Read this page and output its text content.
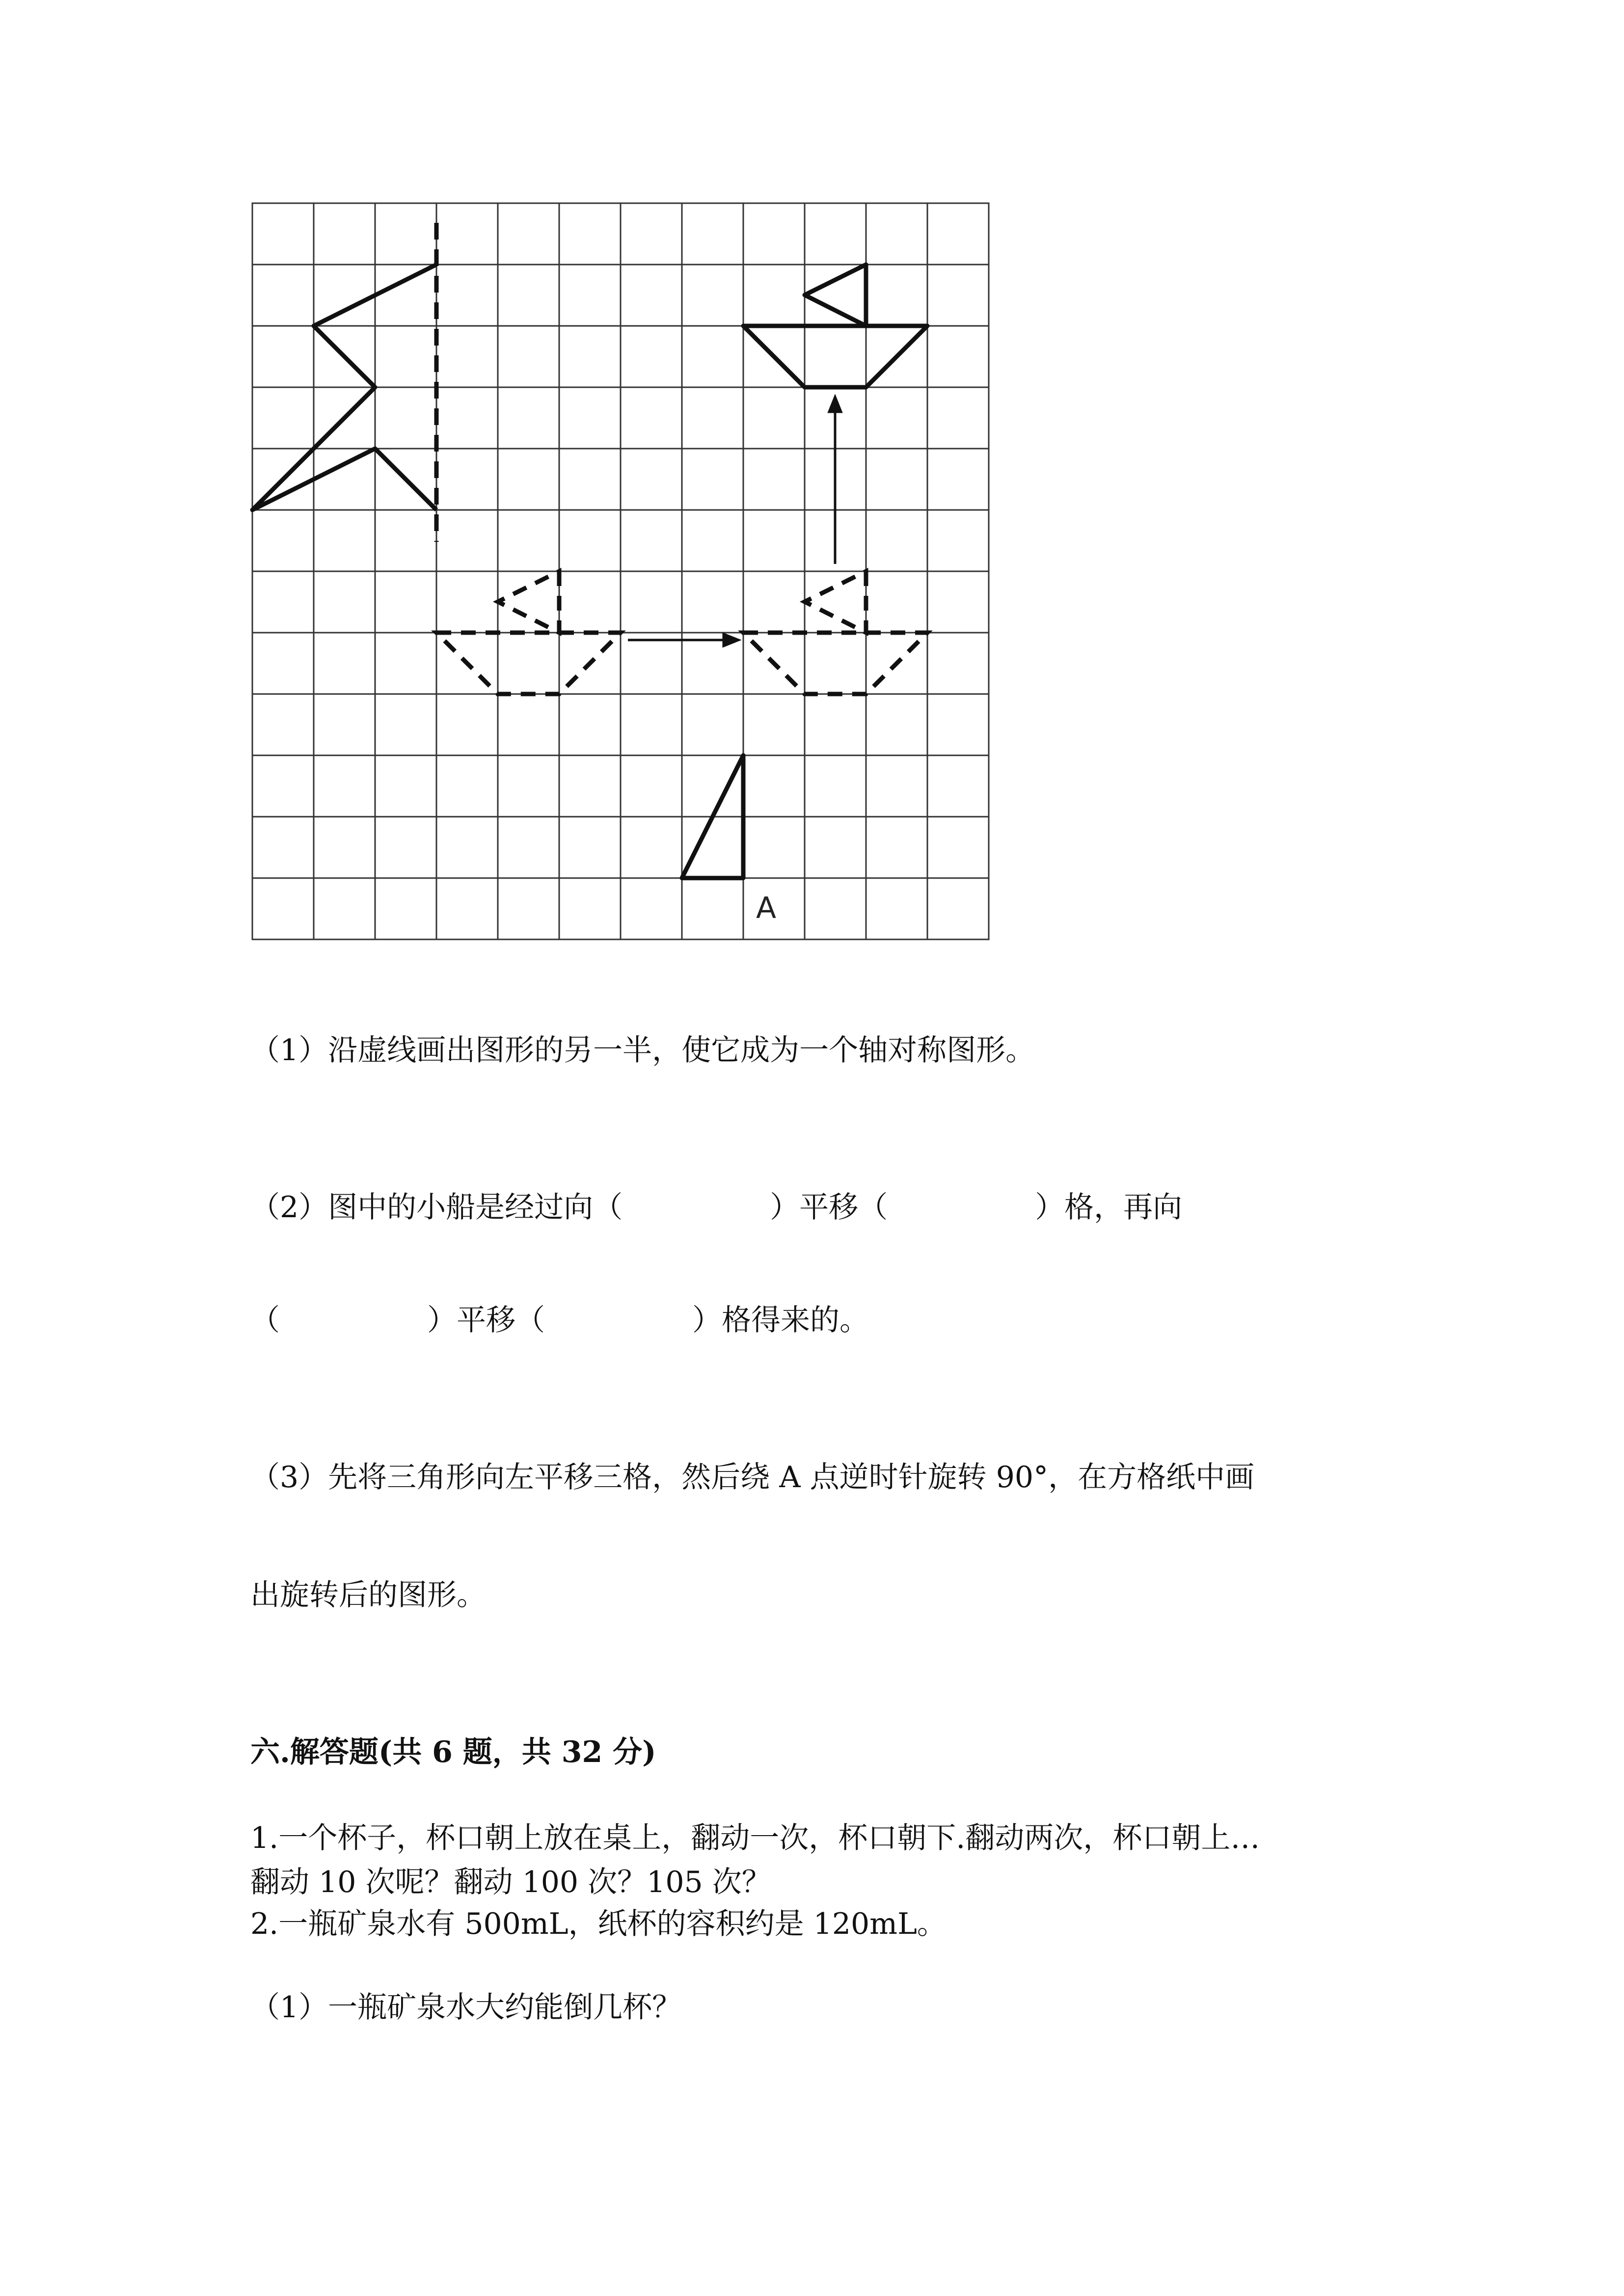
A
（1）沿虚线画出图形的另一半，使它成为一个轴对称图形。
（2）图中的小船是经过向（	）平移（	）格，再向
（	）平移（	）格得来的。
（3）先将三角形向左平移三格，然后绕 A 点逆时针旋转 90°，在方格纸中画
出旋转后的图形。
六.解答题(共 6 题，共 32 分)
1.一个杯子，杯口朝上放在桌上，翻动一次，杯口朝下.翻动两次，杯口朝上…
翻动 10 次呢？翻动 100 次？105 次？
2.一瓶矿泉水有 500mL，纸杯的容积约是 120mL。
（1）一瓶矿泉水大约能倒几杯？
